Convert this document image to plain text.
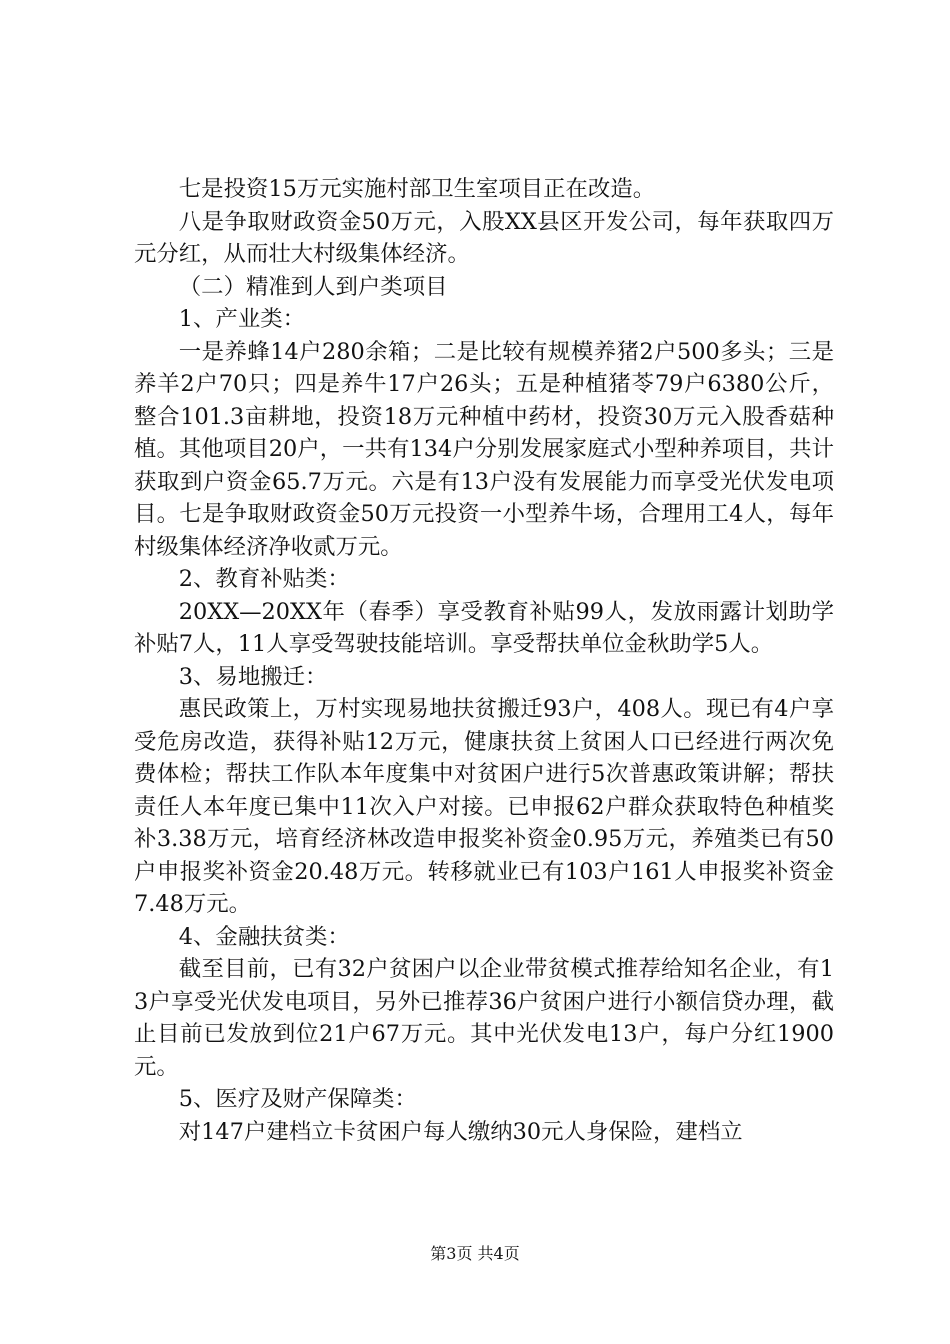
七是投资15万元实施村部卫生室项目正在改造。

八是争取财政资金50万元，入股XX县区开发公司，每年获取四万元分红，从而壮大村级集体经济。

（二）精准到人到户类项目

1、产业类：

一是养蜂14户280余箱；二是比较有规模养猪2户500多头；三是养羊2户70只；四是养牛17户26头；五是种植猪苓79户6380公斤，整合101.3亩耕地，投资18万元种植中药材，投资30万元入股香菇种植。其他项目20户，一共有134户分别发展家庭式小型种养项目，共计获取到户资金65.7万元。六是有13户没有发展能力而享受光伏发电项目。七是争取财政资金50万元投资一小型养牛场，合理用工4人，每年村级集体经济净收贰万元。

2、教育补贴类：

20XX—20XX年（春季）享受教育补贴99人，发放雨露计划助学补贴7人，11人享受驾驶技能培训。享受帮扶单位金秋助学5人。

3、易地搬迁：

惠民政策上，万村实现易地扶贫搬迁93户，408人。现已有4户享受危房改造，获得补贴12万元，健康扶贫上贫困人口已经进行两次免费体检；帮扶工作队本年度集中对贫困户进行5次普惠政策讲解；帮扶责任人本年度已集中11次入户对接。已申报62户群众获取特色种植奖补3.38万元，培育经济林改造申报奖补资金0.95万元，养殖类已有50户申报奖补资金20.48万元。转移就业已有103户161人申报奖补资金7.48万元。

4、金融扶贫类：

截至目前，已有32户贫困户以企业带贫模式推荐给知名企业，有13户享受光伏发电项目，另外已推荐36户贫困户进行小额信贷办理，截止目前已发放到位21户67万元。其中光伏发电13户，每户分红1900元。

5、医疗及财产保障类：

对147户建档立卡贫困户每人缴纳30元人身保险，建档立

第3页 共4页
